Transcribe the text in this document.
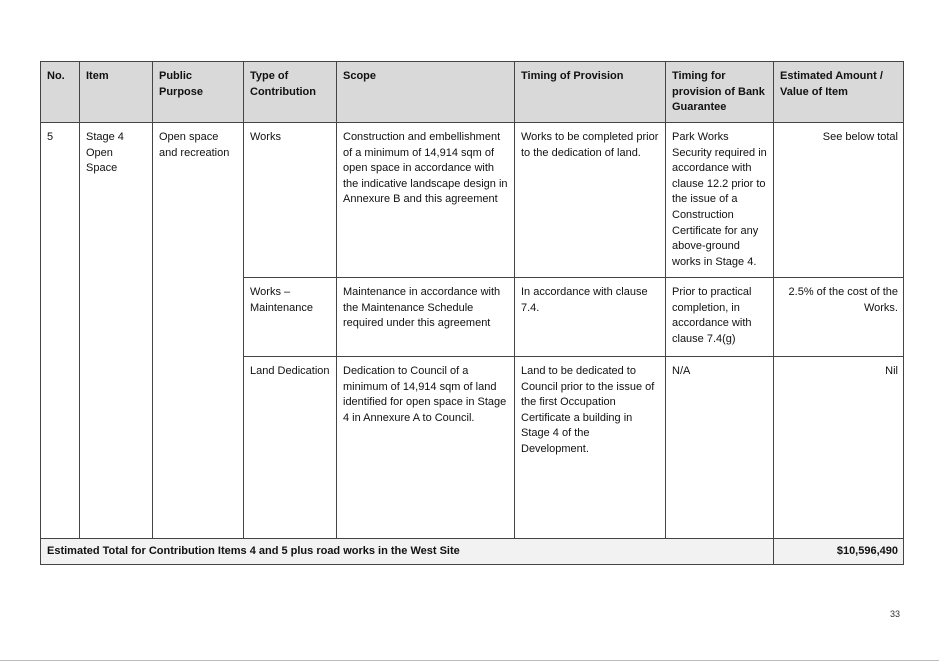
No.	Item	Public Purpose	Type of Contribution	Scope	Timing of Provision	Timing for provision of Bank Guarantee	Estimated Amount / Value of Item
5	Stage 4 Open Space	Open space and recreation	Works	Construction and embellishment of a minimum of 14,914 sqm of open space in accordance with the indicative landscape design in Annexure B and this agreement	Works to be completed prior to the dedication of land.	Park Works Security required in accordance with clause 12.2 prior to the issue of a Construction Certificate for any above-ground works in Stage 4.	See below total
			Works – Maintenance	Maintenance in accordance with the Maintenance Schedule required under this agreement	In accordance with clause 7.4.	Prior to practical completion, in accordance with clause 7.4(g)	2.5% of the cost of the Works.
			Land Dedication	Dedication to Council of a minimum of 14,914 sqm of land identified for open space in Stage 4 in Annexure A to Council.	Land to be dedicated to Council prior to the issue of the first Occupation Certificate a building in Stage 4 of the Development.	N/A	Nil
Estimated Total for Contribution Items 4 and 5 plus road works in the West Site							$10,596,490
33
